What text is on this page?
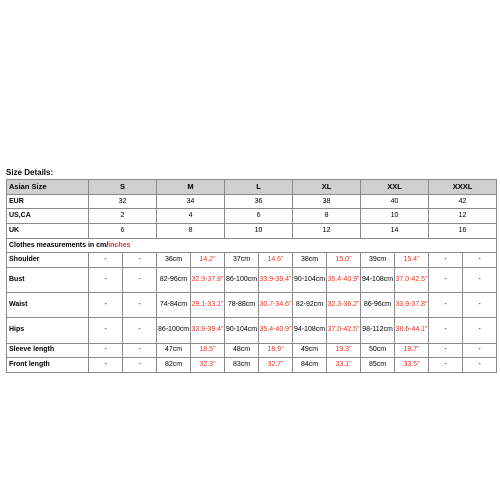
Size Details:
Asian Size	S		M		L		XL		XXL		XXXL	
EUR	32		34		36		38		40		42	
US,CA	2		4		6		8		10		12	
UK	6		8		10		12		14		16	
Clothes measurements in cm/inches												
Shoulder	-	-	36cm	14.2"	37cm	14.6"	38cm	15.0"	39cm	15.4"	-	-
Bust	-	-	82-96cm	32.3-37.8"	86-100cm	33.9-39.4"	90-104cm	35.4-40.9"	94-108cm	37.0-42.5"	-	-
Waist	-	-	74-84cm	29.1-33.1"	78-88cm	30.7-34.6"	82-92cm	32.3-36.2"	86-96cm	33.9-37.8"	-	-
Hips	-	-	86-100cm	33.9-39.4"	90-104cm	35.4-40.9"	94-108cm	37.0-42.5"	98-112cm	38.6-44.1"	-	-
Sleeve length	-	-	47cm	18.5"	48cm	18.9"	49cm	19.3"	50cm	19.7"	-	-
Front length	-	-	82cm	32.3"	83cm	32.7"	84cm	33.1"	85cm	33.5"	-	-
